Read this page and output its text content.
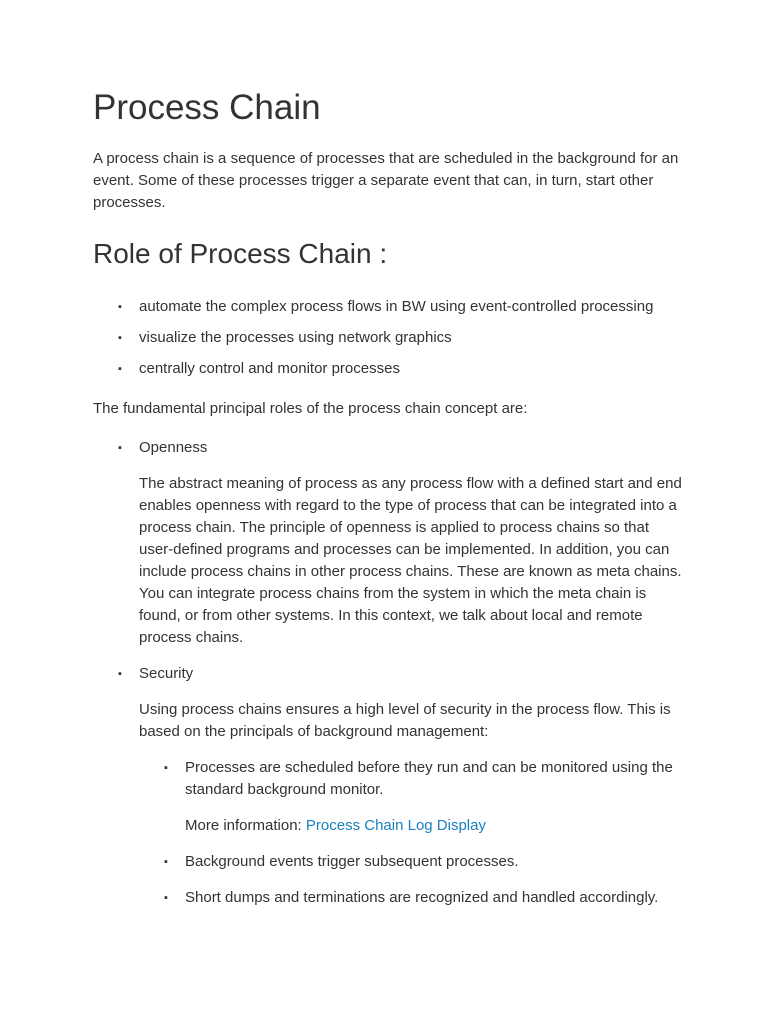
Process Chain

A process chain is a sequence of processes that are scheduled in the background for an event. Some of these processes trigger a separate event that can, in turn, start other processes.

Role of Process Chain :
▪ automate the complex process flows in BW using event-controlled processing
▪ visualize the processes using network graphics
▪ centrally control and monitor processes

The fundamental principal roles of the process chain concept are:

▪ Openness

The abstract meaning of process as any process flow with a defined start and end enables openness with regard to the type of process that can be integrated into a process chain. The principle of openness is applied to process chains so that user-defined programs and processes can be implemented. In addition, you can include process chains in other process chains. These are known as meta chains. You can integrate process chains from the system in which the meta chain is found, or from other systems. In this context, we talk about local and remote process chains.

▪ Security

Using process chains ensures a high level of security in the process flow. This is based on the principals of background management:

▪ Processes are scheduled before they run and can be monitored using the standard background monitor.

More information: Process Chain Log Display

▪ Background events trigger subsequent processes.
▪ Short dumps and terminations are recognized and handled accordingly.
